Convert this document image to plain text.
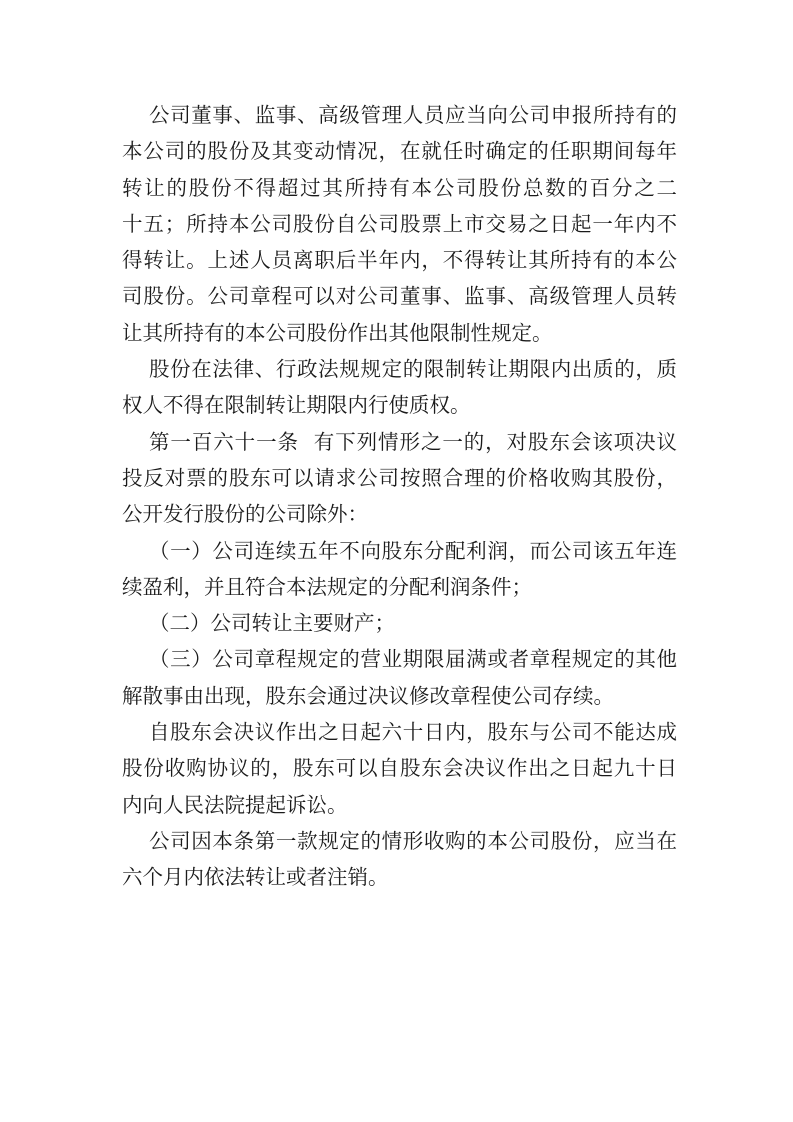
公司董事、监事、高级管理人员应当向公司申报所持有的
本公司的股份及其变动情况，在就任时确定的任职期间每年
转让的股份不得超过其所持有本公司股份总数的百分之二
十五；所持本公司股份自公司股票上市交易之日起一年内不
得转让。上述人员离职后半年内，不得转让其所持有的本公
司股份。公司章程可以对公司董事、监事、高级管理人员转
让其所持有的本公司股份作出其他限制性规定。
股份在法律、行政法规规定的限制转让期限内出质的，质
权人不得在限制转让期限内行使质权。
第一百六十一条  有下列情形之一的，对股东会该项决议
投反对票的股东可以请求公司按照合理的价格收购其股份，
公开发行股份的公司除外：
（一）公司连续五年不向股东分配利润，而公司该五年连
续盈利，并且符合本法规定的分配利润条件；
（二）公司转让主要财产；
（三）公司章程规定的营业期限届满或者章程规定的其他
解散事由出现，股东会通过决议修改章程使公司存续。
自股东会决议作出之日起六十日内，股东与公司不能达成
股份收购协议的，股东可以自股东会决议作出之日起九十日
内向人民法院提起诉讼。
公司因本条第一款规定的情形收购的本公司股份，应当在
六个月内依法转让或者注销。
